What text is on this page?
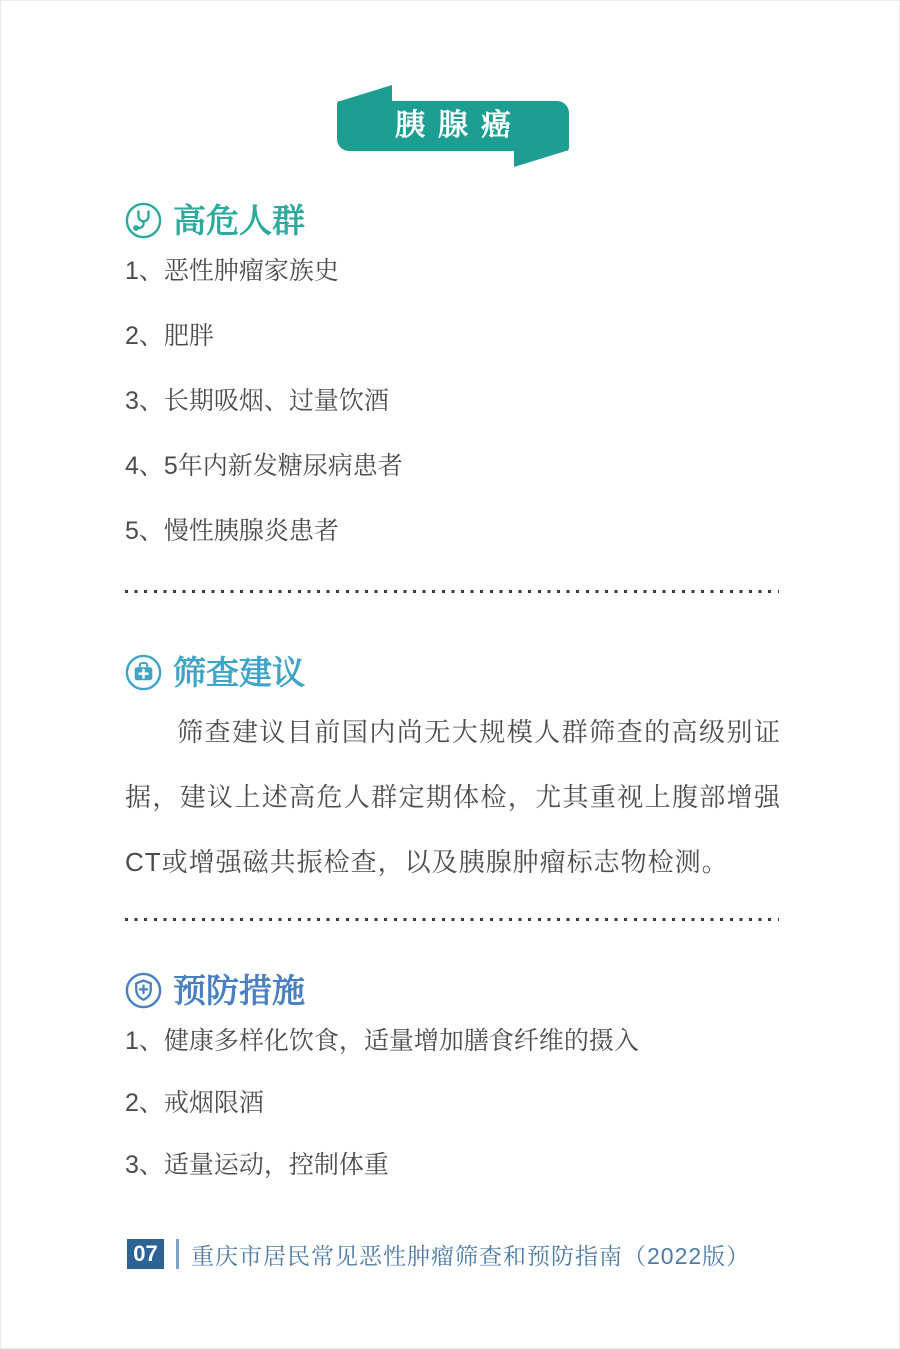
胰腺癌
高危人群
1、恶性肿瘤家族史
2、肥胖
3、长期吸烟、过量饮酒
4、5年内新发糖尿病患者
5、慢性胰腺炎患者
筛查建议

筛查建议目前国内尚无大规模人群筛查的高级别证据，建议上述高危人群定期体检，尤其重视上腹部增强CT或增强磁共振检查，以及胰腺肿瘤标志物检测。

预防措施
1、健康多样化饮食，适量增加膳食纤维的摄入
2、戒烟限酒
3、适量运动，控制体重
07 重庆市居民常见恶性肿瘤筛查和预防指南（2022版）
